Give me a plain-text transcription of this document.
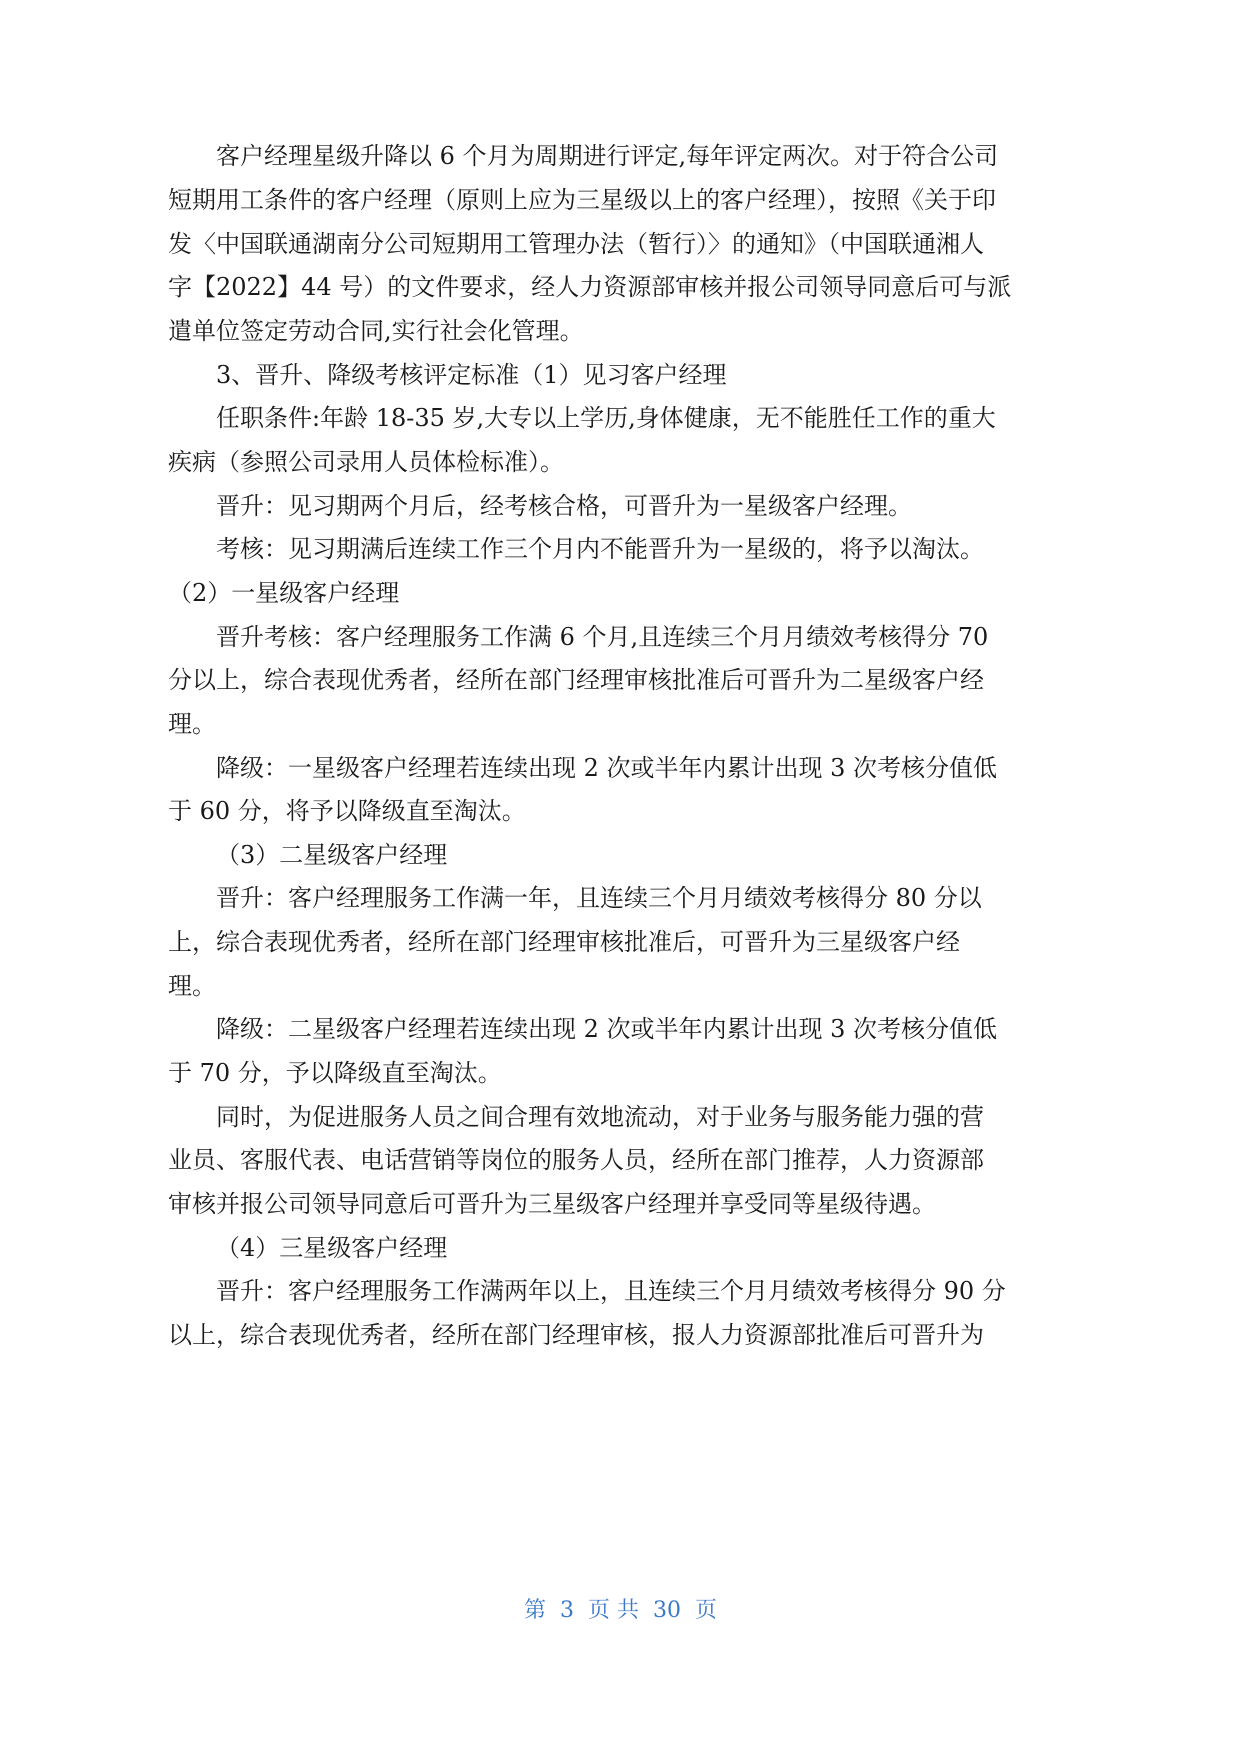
客户经理星级升降以 6 个月为周期进行评定,每年评定两次。对于符合公司
短期用工条件的客户经理（原则上应为三星级以上的客户经理），按照《关于印
发〈中国联通湖南分公司短期用工管理办法（暂行）〉的通知》（中国联通湘人
字【2022】44 号）的文件要求，经人力资源部审核并报公司领导同意后可与派
遣单位签定劳动合同,实行社会化管理。
3、晋升、降级考核评定标准（1）见习客户经理
任职条件:年龄 18-35 岁,大专以上学历,身体健康，无不能胜任工作的重大
疾病（参照公司录用人员体检标准）。
晋升：见习期两个月后，经考核合格，可晋升为一星级客户经理。
考核：见习期满后连续工作三个月内不能晋升为一星级的，将予以淘汰。
（2）一星级客户经理
晋升考核：客户经理服务工作满 6 个月,且连续三个月月绩效考核得分 70
分以上，综合表现优秀者，经所在部门经理审核批准后可晋升为二星级客户经
理。
降级：一星级客户经理若连续出现 2 次或半年内累计出现 3 次考核分值低
于 60 分，将予以降级直至淘汰。
（3）二星级客户经理
晋升：客户经理服务工作满一年，且连续三个月月绩效考核得分 80 分以
上，综合表现优秀者，经所在部门经理审核批准后，可晋升为三星级客户经
理。
降级：二星级客户经理若连续出现 2 次或半年内累计出现 3 次考核分值低
于 70 分，予以降级直至淘汰。
同时，为促进服务人员之间合理有效地流动，对于业务与服务能力强的营
业员、客服代表、电话营销等岗位的服务人员，经所在部门推荐，人力资源部
审核并报公司领导同意后可晋升为三星级客户经理并享受同等星级待遇。
（4）三星级客户经理
晋升：客户经理服务工作满两年以上，且连续三个月月绩效考核得分 90 分
以上，综合表现优秀者，经所在部门经理审核，报人力资源部批准后可晋升为
第  3  页 共  30  页
